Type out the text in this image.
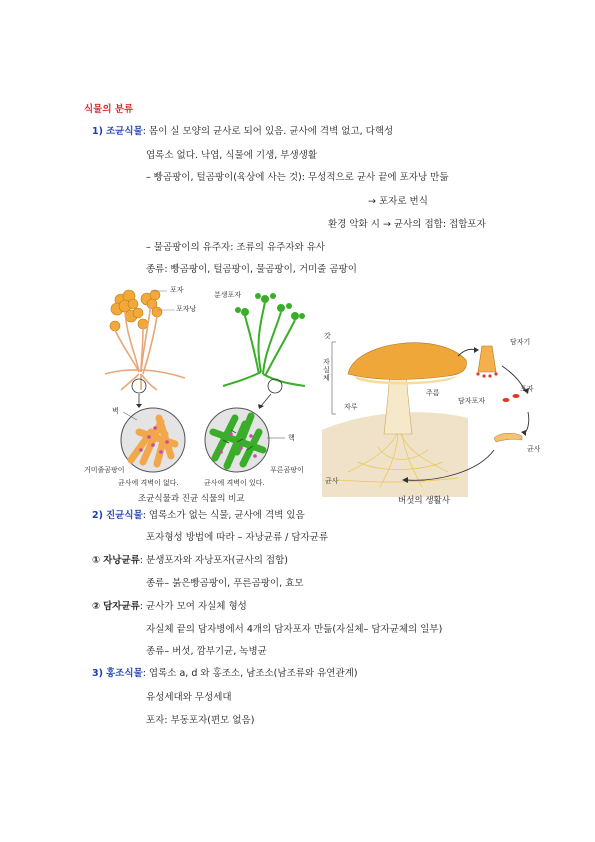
식물의 분류
1) 조균식물: 몸이 실 모양의 균사로 되어 있음. 균사에 격벽 없고, 다핵성
엽록소 없다. 낙엽, 식물에 기생, 부생생활
– 빵곰팡이, 털곰팡이(육상에 사는 것): 무성적으로 균사 끝에 포자낭 만듦
→ 포자로 번식
환경 악화 시 → 균사의 접합: 접합포자
– 물곰팡이의 유주자: 조류의 유주자와 유사
종류: 빵곰팡이, 털곰팡이, 물곰팡이, 거미줄 곰팡이
포자
포자낭
분생포자
벽
핵
거미줄곰팡이
균사에 격벽이 없다.
푸른곰팡이
균사에 격벽이 있다.
조균식물과 진균 식물의 비교
갓
자실체
자루
주름
담자기
담자포자
포자
균사
균사
버섯의 생활사
2) 진균식물: 엽록소가 없는 식물, 균사에 격벽 있음
포자형성 방법에 따라 – 자낭균류 / 담자균류
① 자낭균류: 분생포자와 자낭포자(균사의 접합)
종류– 붉은빵곰팡이, 푸른곰팡이, 효모
② 담자균류: 균사가 모여 자실체 형성
자실체 끝의 담자병에서 4개의 담자포자 만듦(자실체– 담자균체의 일부)
종류– 버섯, 깜부기균, 녹병균
3) 홍조식물: 엽록소 a, d 와 홍조소, 남조소(남조류와 유연관계)
유성세대와 무성세대
포자: 부동포자(편모 없음)
